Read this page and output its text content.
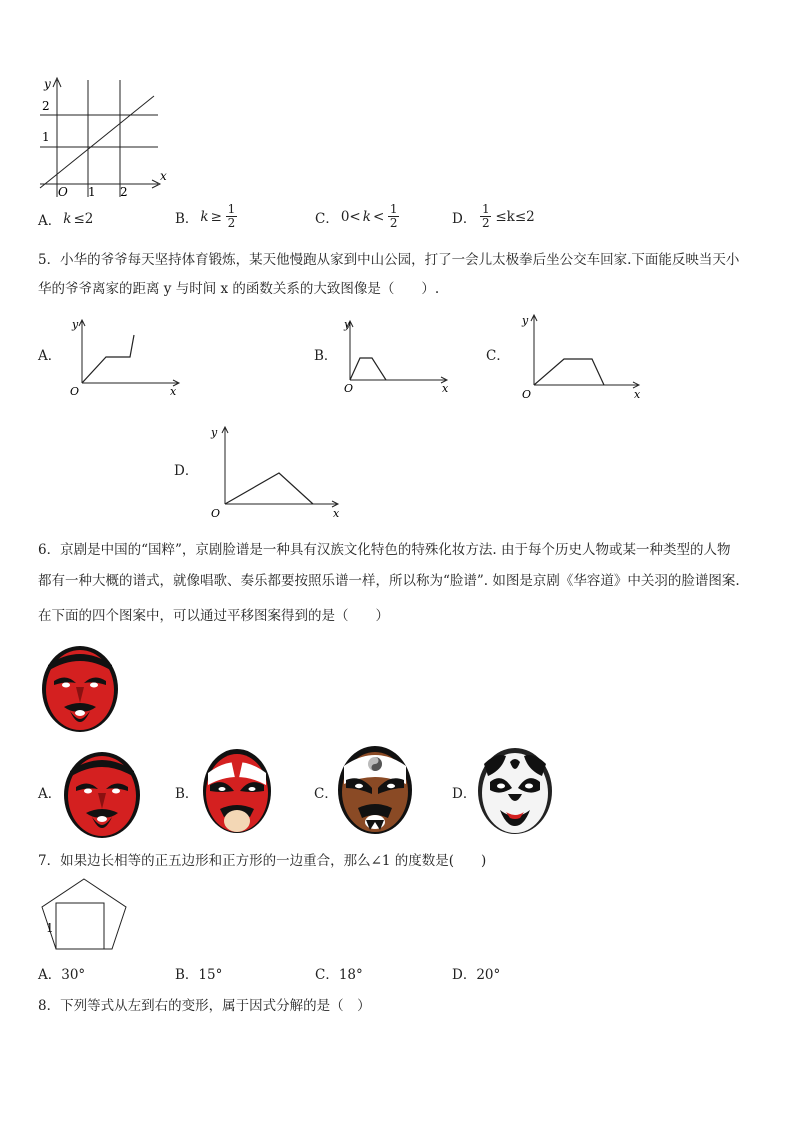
y
x
O 1 2
1
2
A． k ≤2	B． $k \ge \frac{1}{2}$	C． $0< k < \frac{1}{2}$	D． $\frac{1}{2} \le k\le 2$
5．小华的爷爷每天坚持体育锻炼，某天他慢跑从家到中山公园，打了一会儿太极拳后坐公交车回家.下面能反映当天小
华的爷爷离家的距离 y 与时间 x 的函数关系的大致图像是（　　）.
A．
y
x
O
B．
y
x
O
C．
y
x
O
D．
y
x
O
6．京剧是中国的“国粹”，京剧脸谱是一种具有汉族文化特色的特殊化妆方法. 由于每个历史人物或某一种类型的人物
都有一种大概的谱式，就像唱歌、奏乐都要按照乐谱一样，所以称为“脸谱”. 如图是京剧《华容道》中关羽的脸谱图案.
在下面的四个图案中，可以通过平移图案得到的是（　　）
A．	B．	C．	D．
7．如果边长相等的正五边形和正方形的一边重合，那么∠1 的度数是(　　)
1
A．30°	B．15°	C．18°	D．20°
8．下列等式从左到右的变形，属于因式分解的是（　）
